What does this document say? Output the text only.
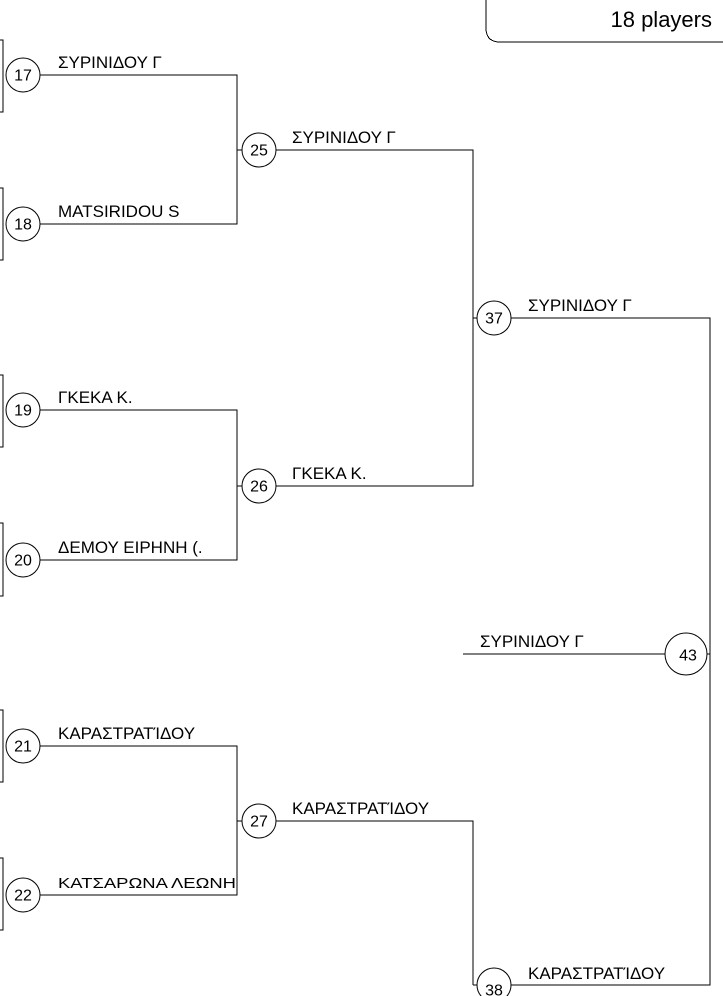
18 players
17
ΣΥΡΙΝΙΔΟΥ Γ
18
MATSIRIDOU S
19
ΓΚΕΚΑ Κ.
20
ΔΕΜΟΥ ΕΙΡΗΝΗ (.
21
ΚΑΡΑΣΤΡΑΤΊΔΟΥ
22
ΚΑΤΣΑΡΩΝΑ ΛΕΩΝΗ
25
ΣΥΡΙΝΙΔΟΥ Γ
26
ΓΚΕΚΑ Κ.
27
ΚΑΡΑΣΤΡΑΤΊΔΟΥ
37
ΣΥΡΙΝΙΔΟΥ Γ
38
ΚΑΡΑΣΤΡΑΤΊΔΟΥ
43
ΣΥΡΙΝΙΔΟΥ Γ
